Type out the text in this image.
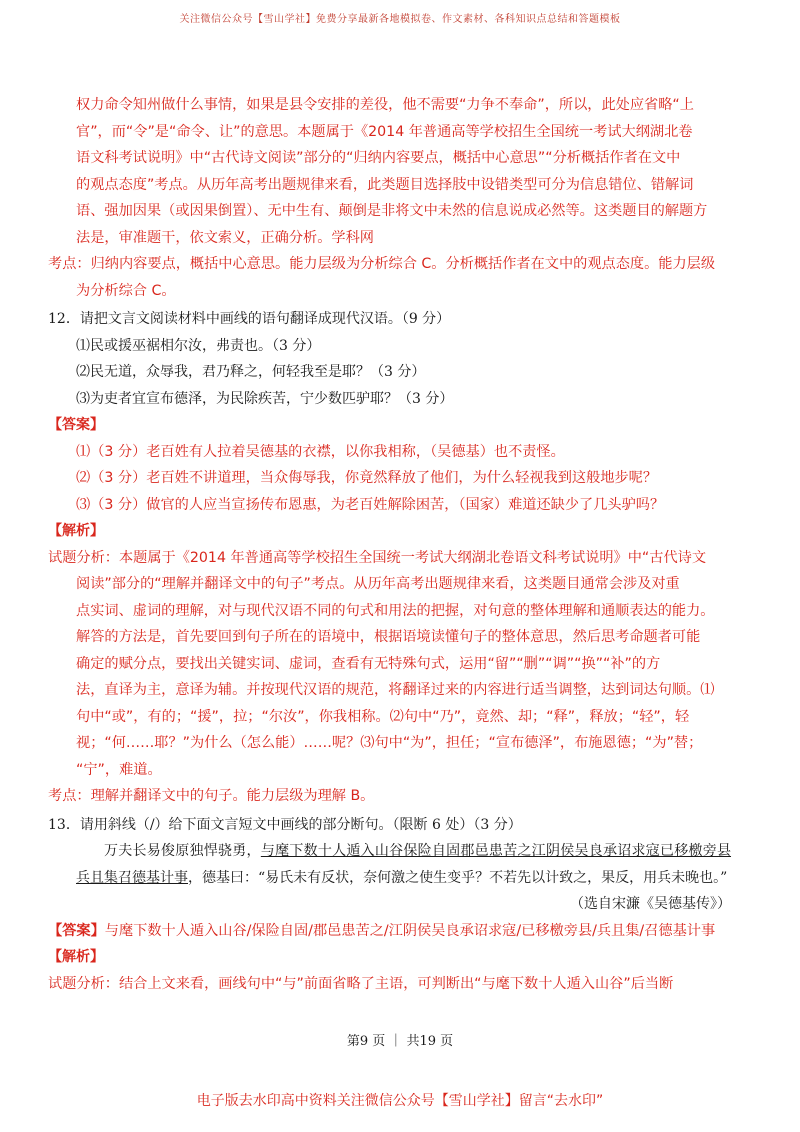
关注微信公众号【雪山学社】免费分享最新各地模拟卷、作文素材、各科知识点总结和答题模板
​

权力命令知州做什么事情，如果是县令安排的差役，他不需要“力争不奉命”，所以，此处应省略“上

官”，而“令”是“命令、让”的意思。本题属于《2014 年普通高等学校招生全国统一考试大纲湖北卷

语文科考试说明》中“古代诗文阅读”部分的“归纳内容要点，概括中心意思”“分析概括作者在文中

的观点态度”考点。从历年高考出题规律来看，此类题目选择肢中设错类型可分为信息错位、错解词

语、强加因果（或因果倒置）、无中生有、颠倒是非将文中未然的信息说成必然等。这类题目的解题方

法是，审准题干，依文索义，正确分析。学科网

考点：归纳内容要点，概括中心意思。能力层级为分析综合 C。分析概括作者在文中的观点态度。能力层级

为分析综合 C。

12．请把文言文阅读材料中画线的语句翻译成现代汉语。（9 分）

⑴民或援巫裾相尔汝，弗责也。（3 分）

⑵民无道，众辱我，君乃释之，何轻我至是耶？（3 分）

⑶为吏者宜宣布德泽，为民除疾苦，宁少数匹驴耶？（3 分）

【答案】

⑴（3 分）老百姓有人拉着吴德基的衣襟，以你我相称，（吴德基）也不责怪。

⑵（3 分）老百姓不讲道理，当众侮辱我，你竟然释放了他们，为什么轻视我到这般地步呢？

⑶（3 分）做官的人应当宣扬传布恩惠，为老百姓解除困苦，（国家）难道还缺少了几头驴吗？

【解析】

试题分析：本题属于《2014 年普通高等学校招生全国统一考试大纲湖北卷语文科考试说明》中“古代诗文

阅读”部分的“理解并翻译文中的句子”考点。从历年高考出题规律来看，这类题目通常会涉及对重

点实词、虚词的理解，对与现代汉语不同的句式和用法的把握，对句意的整体理解和通顺表达的能力。

解答的方法是，首先要回到句子所在的语境中，根据语境读懂句子的整体意思，然后思考命题者可能

确定的赋分点，要找出关键实词、虚词，查看有无特殊句式，运用“留”“删”“调”“换”“补”的方

法，直译为主，意译为辅。并按现代汉语的规范，将翻译过来的内容进行适当调整，达到词达句顺。⑴

句中“或”，有的；“援”，拉；“尔汝”，你我相称。⑵句中“乃”，竟然、却；“释”，释放；“轻”，轻

视；“何……耶？”为什么（怎么能）……呢？⑶句中“为”，担任；“宣布德泽”，布施恩德；“为”替；

“宁”，难道。

考点：理解并翻译文中的句子。能力层级为理解 B。

13．请用斜线（/）给下面文言短文中画线的部分断句。（限断 6 处）（3 分）

万夫长易俊原独悍骁勇，与麾下数十人遁入山谷保险自固郡邑患苦之江阴侯吴良承诏求寇已移檄旁县兵且集召德基计事，德基曰：“易氏未有反状，奈何激之使生变乎？不若先以计致之，果反，用兵未晚也。”

（选自宋濂《吴德基传》）

【答案】与麾下数十人遁入山谷/保险自固/郡邑患苦之/江阴侯吴良承诏求寇/已移檄旁县/兵且集/召德基计事

【解析】

试题分析：结合上文来看，画线句中“与”前面省略了主语，可判断出“与麾下数十人遁入山谷”后当断

第9 页 ｜ 共19 页
电子版去水印高中资料关注微信公众号【雪山学社】留言“去水印”
